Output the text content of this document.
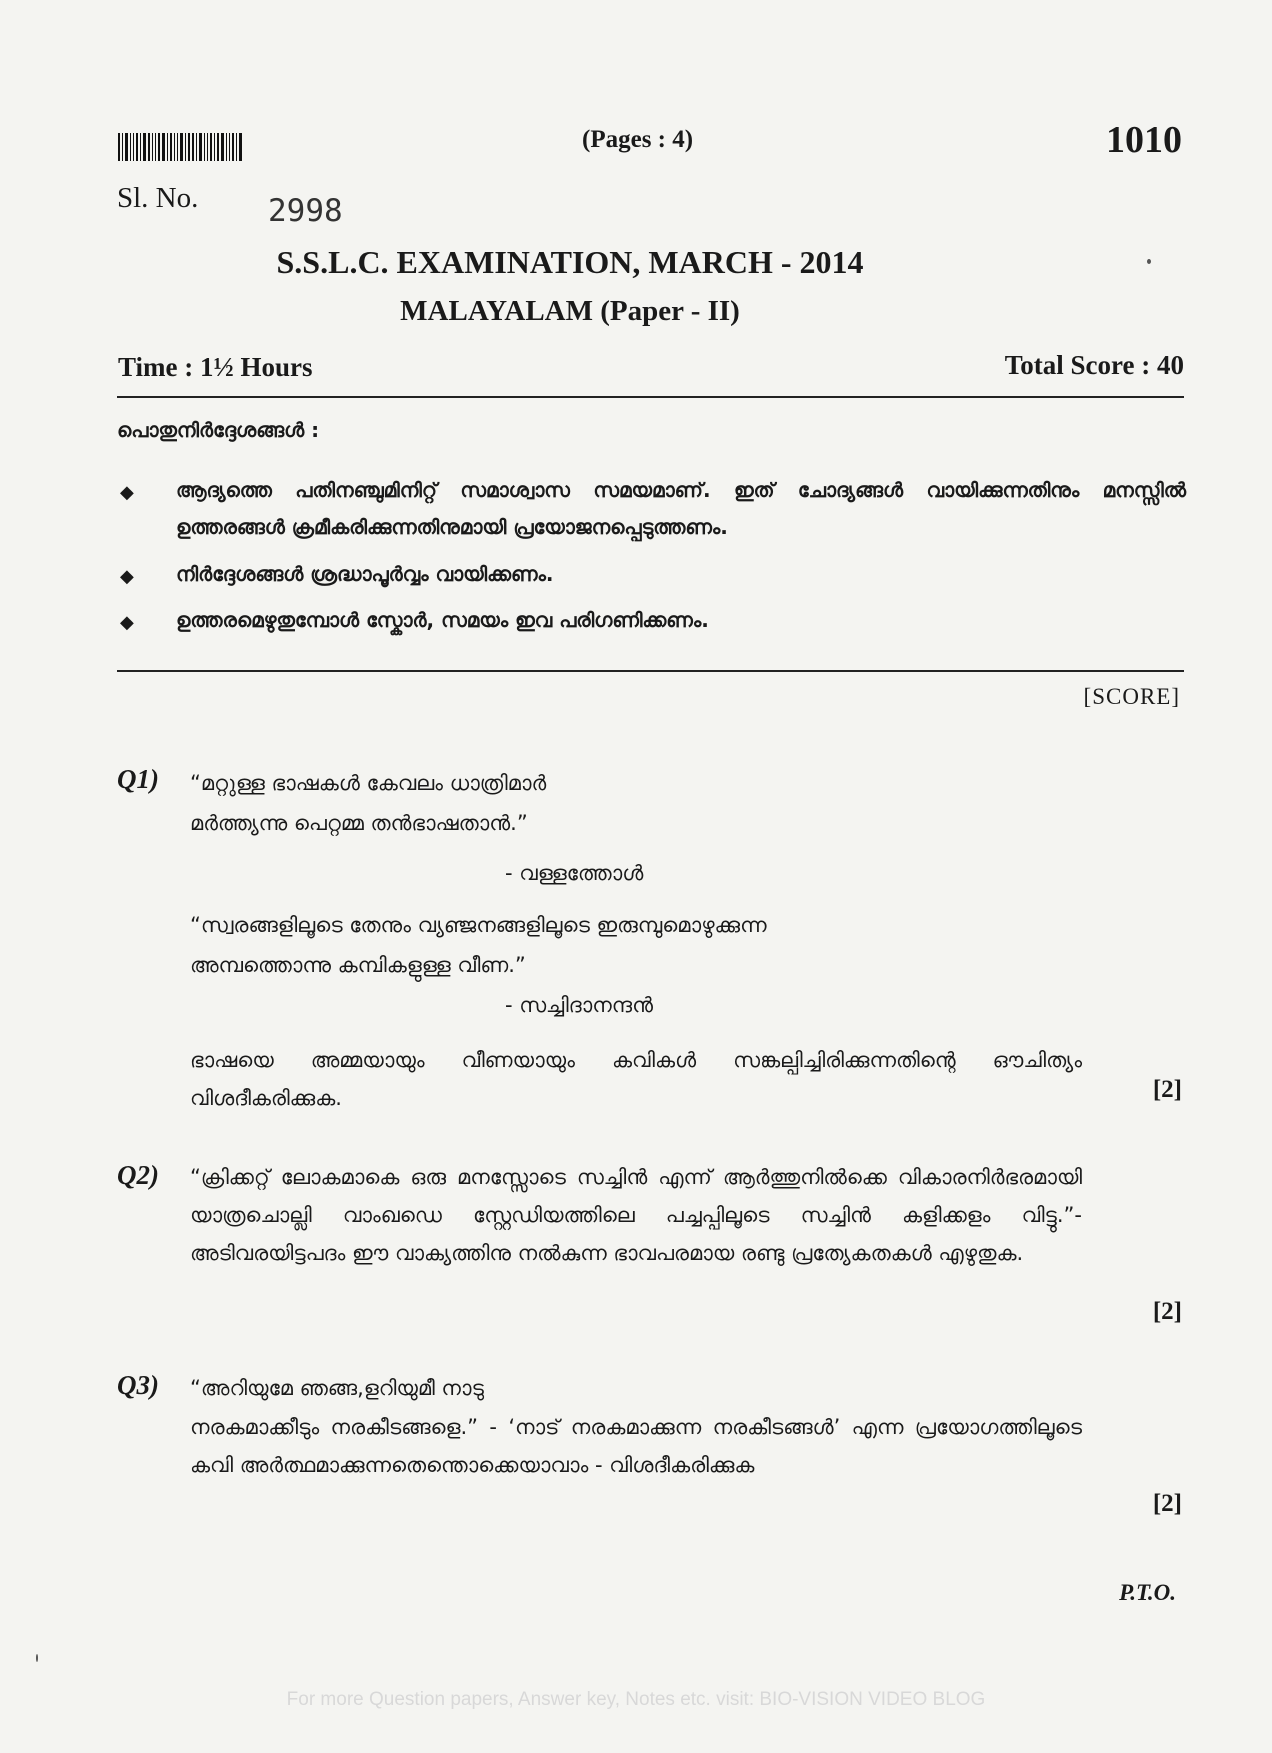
(Pages : 4)	1010
Sl. No. 2998
S.S.L.C. EXAMINATION, MARCH - 2014
MALAYALAM (Paper - II)
Time : 1½ Hours	Total Score : 40
പൊതുനിർദ്ദേശങ്ങൾ :
◆ ആദ്യത്തെ പതിനഞ്ചുമിനിറ്റ് സമാശ്വാസ സമയമാണ്. ഇത് ചോദ്യങ്ങൾ വായിക്കുന്നതിനും മനസ്സിൽ ഉത്തരങ്ങൾ ക്രമീകരിക്കുന്നതിനുമായി പ്രയോജനപ്പെടുത്തണം.
◆ നിർദ്ദേശങ്ങൾ ശ്രദ്ധാപൂർവ്വം വായിക്കണം.
◆ ഉത്തരമെഴുതുമ്പോൾ സ്കോർ, സമയം ഇവ പരിഗണിക്കണം.
[SCORE]
Q1) “മറ്റുള്ള ഭാഷകൾ കേവലം ധാത്രിമാർ
മർത്ത്യന്നു പെറ്റമ്മ തൻഭാഷതാൻ.”
- വള്ളത്തോൾ
“സ്വരങ്ങളിലൂടെ തേനും വ്യഞ്ജനങ്ങളിലൂടെ ഇരുമ്പുമൊഴുക്കുന്ന
അമ്പത്തൊന്നു കമ്പികളുള്ള വീണ.”
- സച്ചിദാനന്ദൻ
ഭാഷയെ അമ്മയായും വീണയായും കവികൾ സങ്കല്പിച്ചിരിക്കുന്നതിന്റെ ഔചിത്യം വിശദീകരിക്കുക.	[2]
Q2) “ക്രിക്കറ്റ് ലോകമാകെ ഒരു മനസ്സോടെ സച്ചിൻ എന്ന് ആർത്തുനിൽക്കെ വികാരനിർഭരമായി യാത്രചൊല്ലി വാംഖഡെ സ്റ്റേഡിയത്തിലെ പച്ചപ്പിലൂടെ സച്ചിൻ കളിക്കളം വിട്ടു.”- അടിവരയിട്ടപദം ഈ വാക്യത്തിനു നൽകുന്ന ഭാവപരമായ രണ്ടു പ്രത്യേകതകൾ എഴുതുക.
[2]
Q3) “അറിയുമേ ഞങ്ങ,ളറിയുമീ നാടു
നരകമാക്കീടും നരകീടങ്ങളെ.” - ‘നാട് നരകമാക്കുന്ന നരകീടങ്ങൾ’ എന്ന പ്രയോഗത്തിലൂടെ കവി അർത്ഥമാക്കുന്നതെന്തൊക്കെയാവാം - വിശദീകരിക്കുക
[2]
P.T.O.
For more Question papers, Answer key, Notes etc. visit: BIO-VISION VIDEO BLOG
